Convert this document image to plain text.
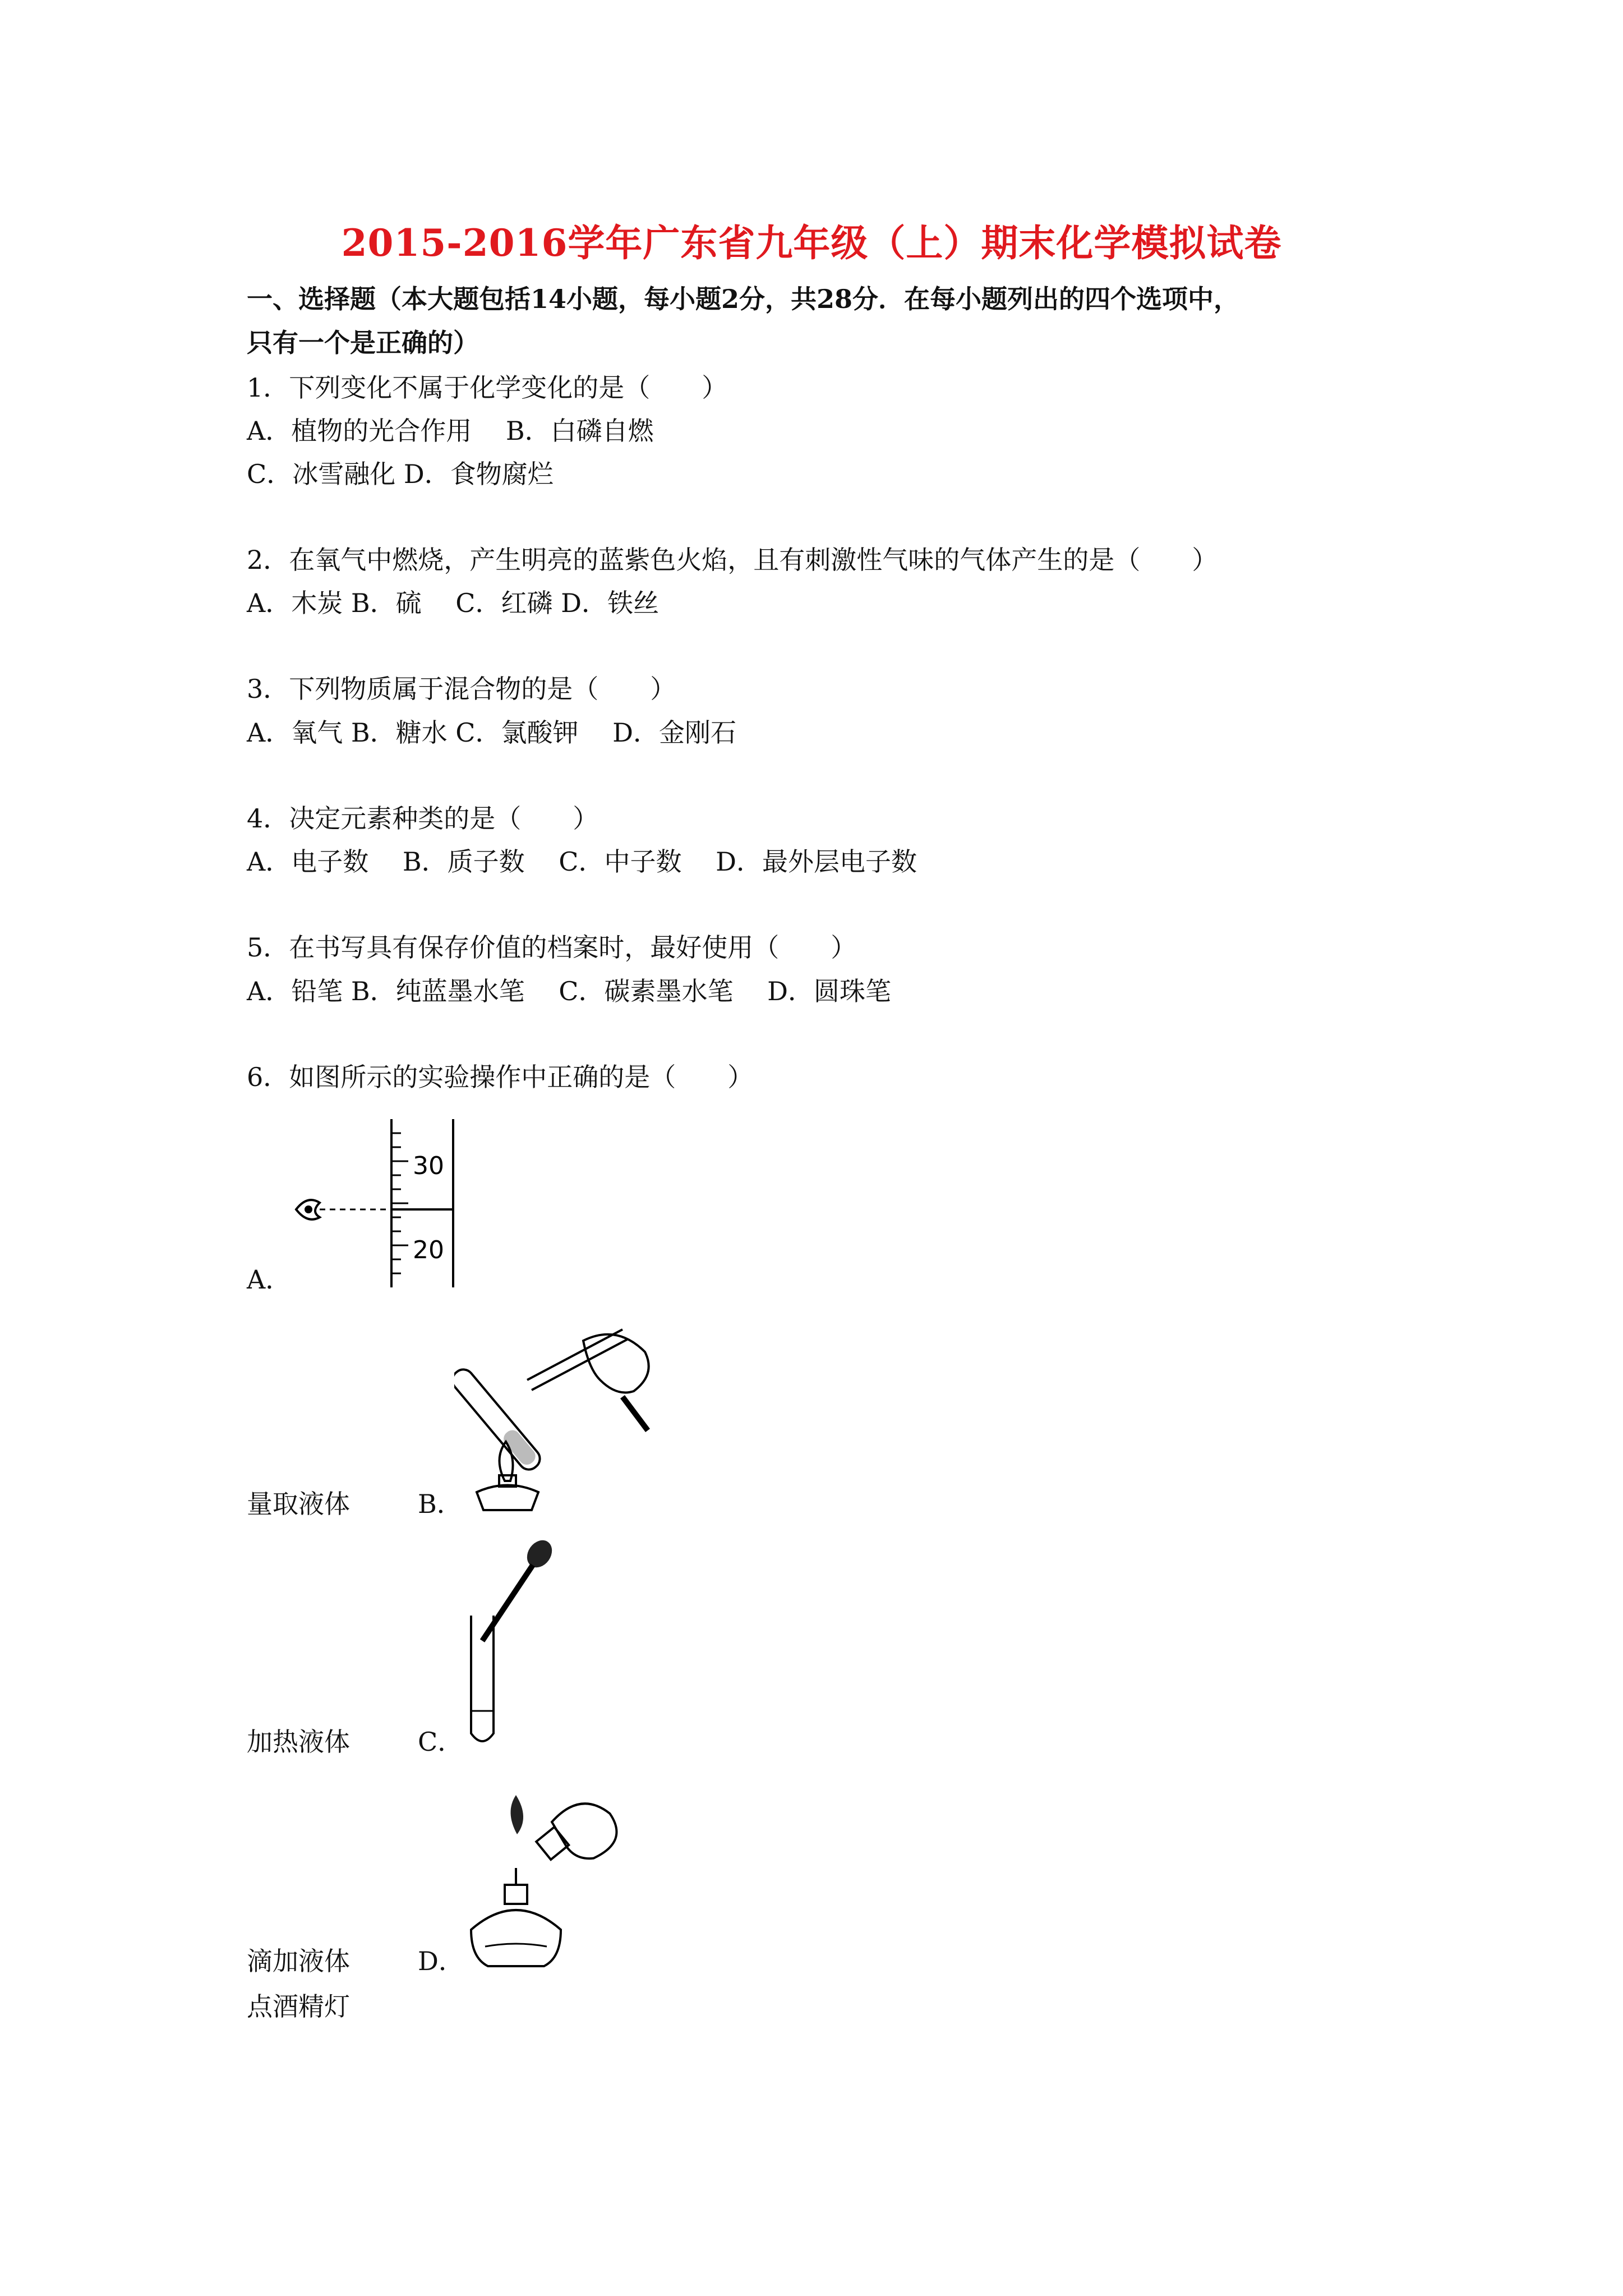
2015-2016学年广东省九年级（上）期末化学模拟试卷
一、选择题（本大题包括14小题，每小题2分，共28分．在每小题列出的四个选项中，
只有一个是正确的）
1．下列变化不属于化学变化的是（　　）
A．植物的光合作用　 B．白磷自燃
C．冰雪融化 D．食物腐烂
2．在氧气中燃烧，产生明亮的蓝紫色火焰，且有刺激性气味的气体产生的是（　　）
A．木炭 B．硫　 C．红磷 D．铁丝
3．下列物质属于混合物的是（　　）
A．氧气 B．糖水 C．氯酸钾　 D．金刚石
4．决定元素种类的是（　　）
A．电子数　 B．质子数　 C．中子数　 D．最外层电子数
5．在书写具有保存价值的档案时，最好使用（　　）
A．铅笔 B．纯蓝墨水笔　 C．碳素墨水笔　 D．圆珠笔
6．如图所示的实验操作中正确的是（　　）
30
20
A．
量取液体	B．
加热液体	C．
滴加液体	D．
点酒精灯
